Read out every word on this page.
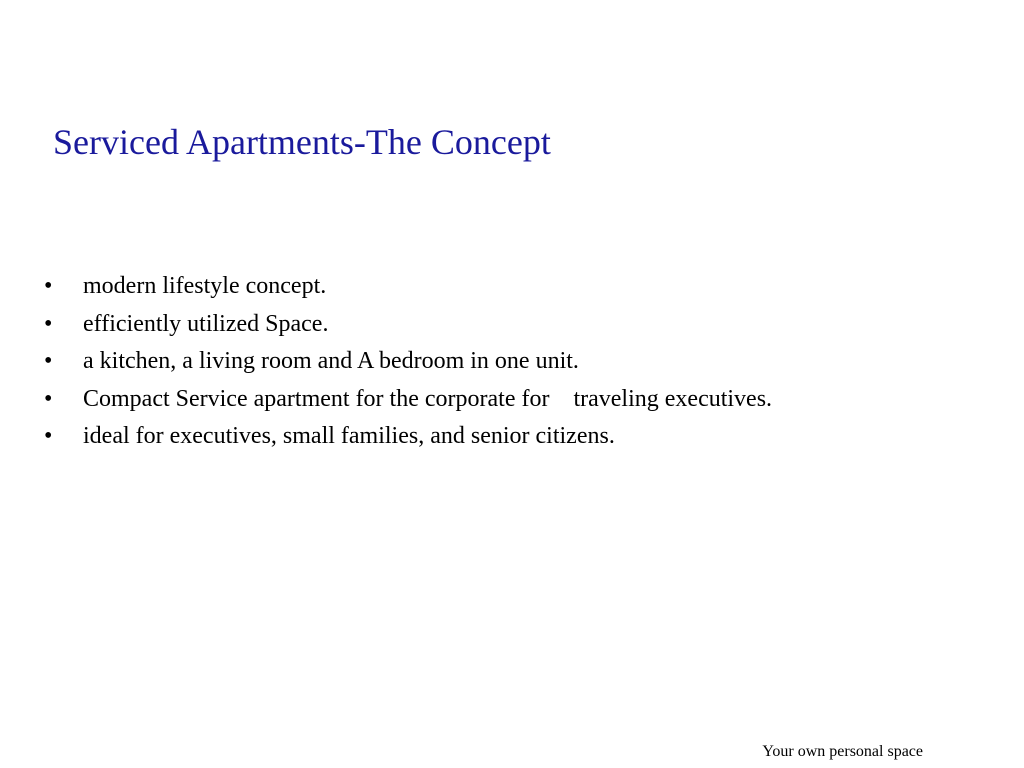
Serviced Apartments-The Concept
•	modern lifestyle concept.
•	efficiently utilized Space.
•	a kitchen, a living room and A bedroom in one unit.
•	Compact Service apartment for the corporate for    traveling executives.
•	ideal for executives, small families, and senior citizens.
Your own personal space
